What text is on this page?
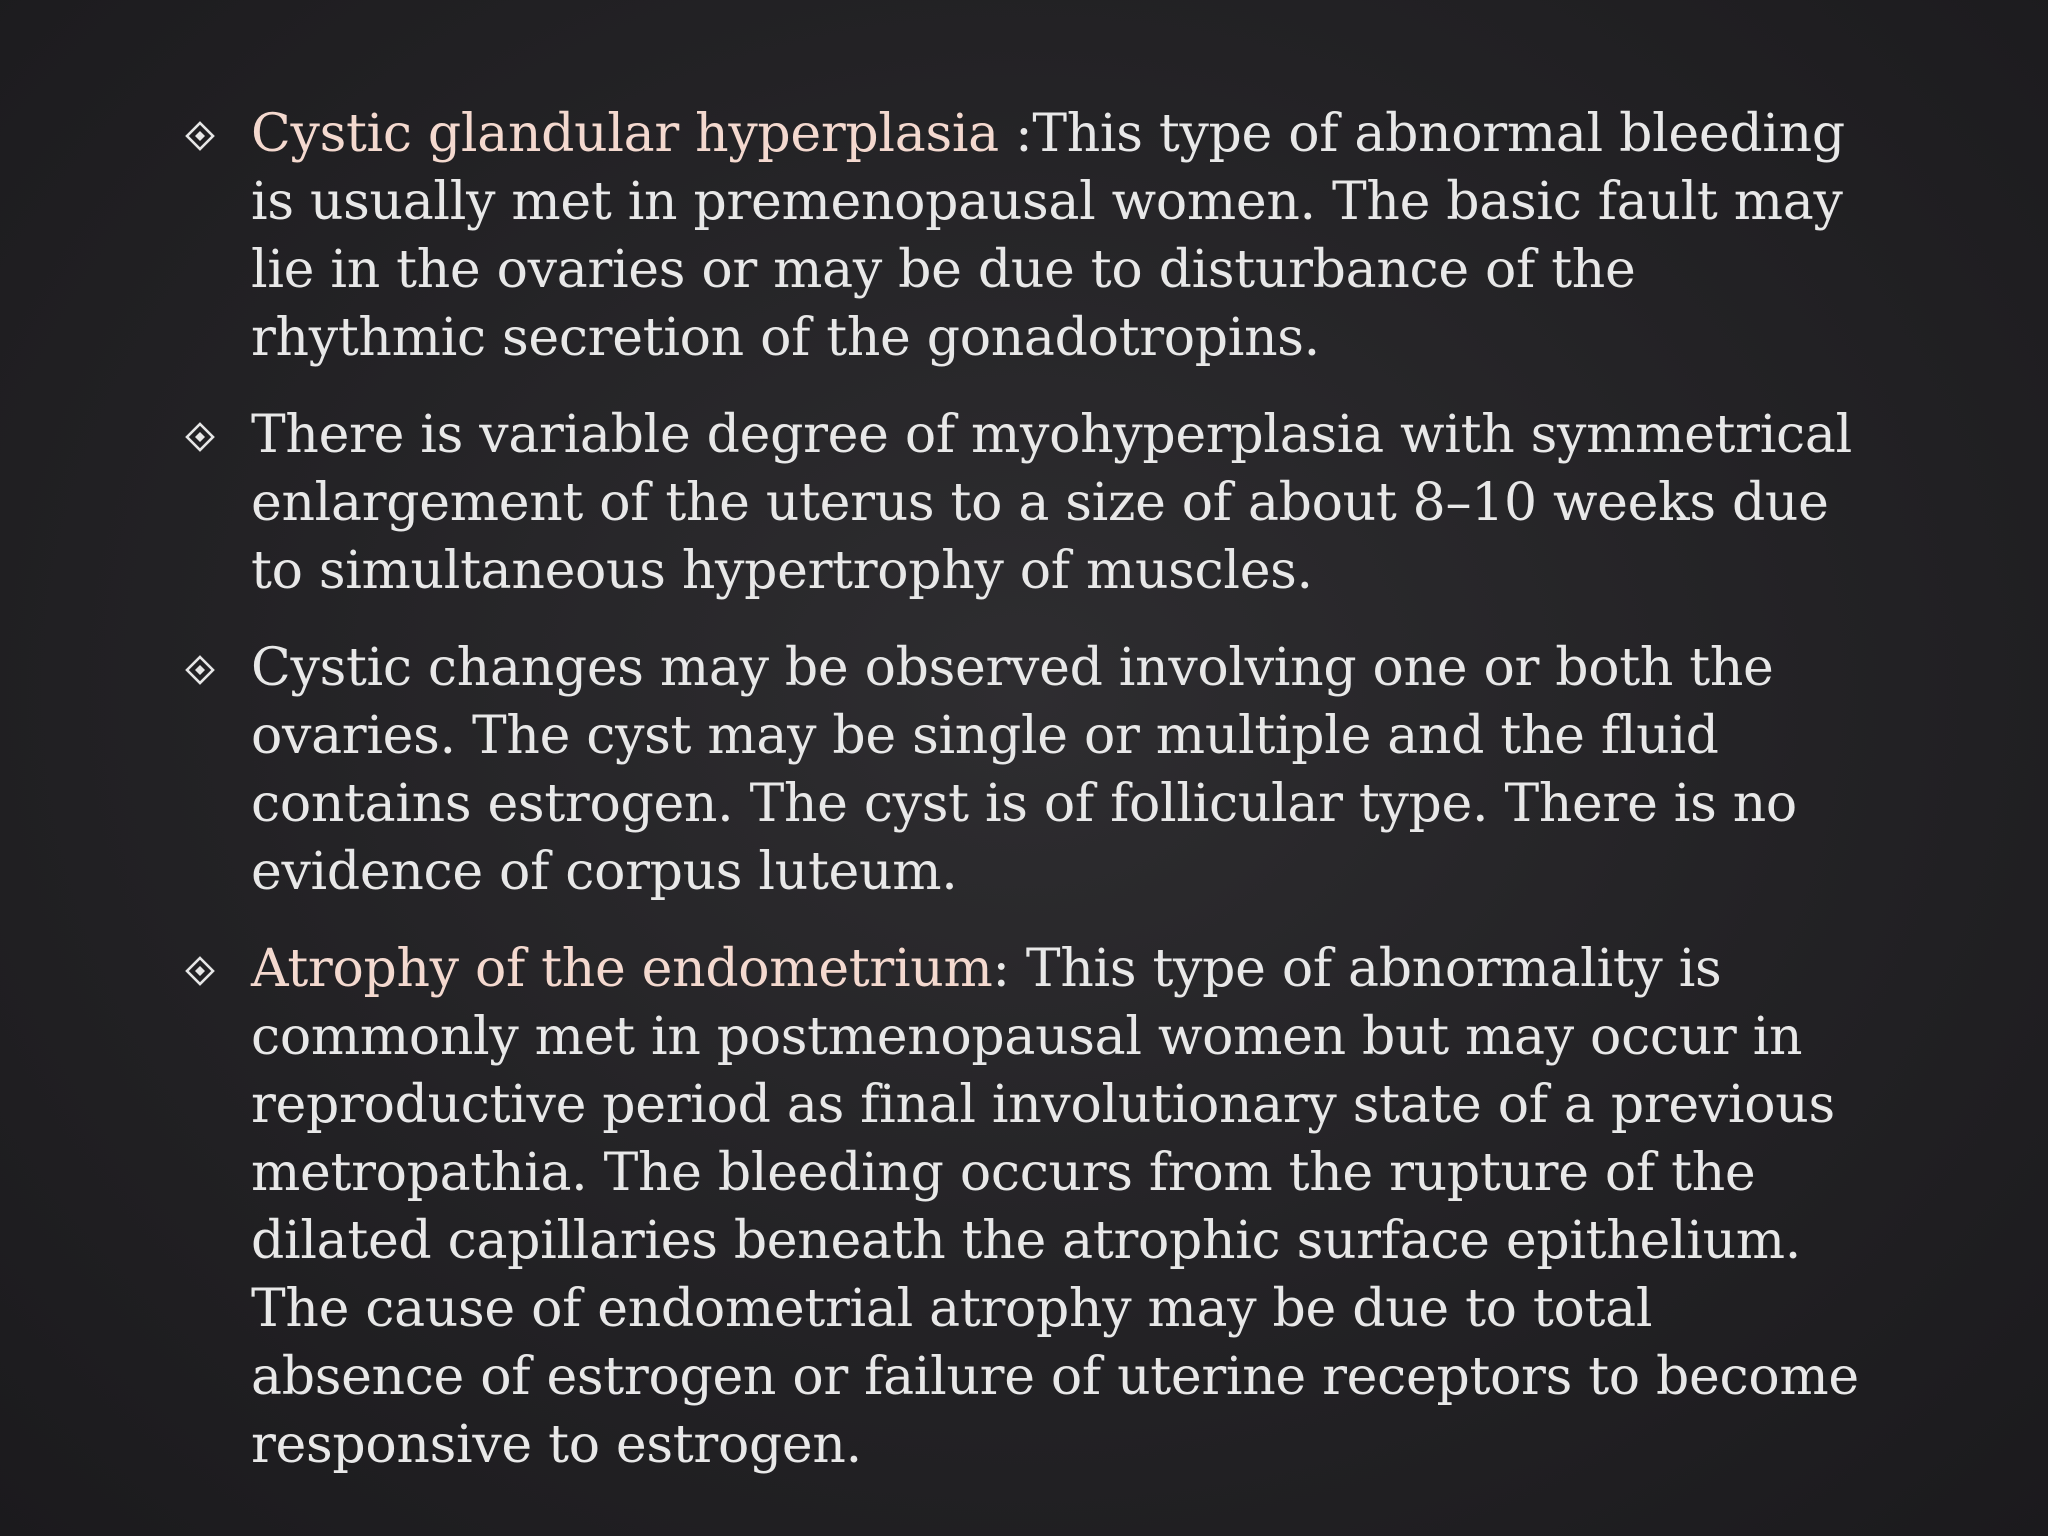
Cystic glandular hyperplasia :This type of abnormal bleeding is usually met in premenopausal women. The basic fault may lie in the ovaries or may be due to disturbance of the rhythmic secretion of the gonadotropins.
There is variable degree of myohyperplasia with symmetrical enlargement of the uterus to a size of about 8–10 weeks due to simultaneous hypertrophy of muscles.
Cystic changes may be observed involving one or both the ovaries. The cyst may be single or multiple and the fluid contains estrogen. The cyst is of follicular type. There is no evidence of corpus luteum.
Atrophy of the endometrium: This type of abnormality is commonly met in postmenopausal women but may occur in reproductive period as final involutionary state of a previous metropathia. The bleeding occurs from the rupture of the dilated capillaries beneath the atrophic surface epithelium. The cause of endometrial atrophy may be due to total absence of estrogen or failure of uterine receptors to become responsive to estrogen.
